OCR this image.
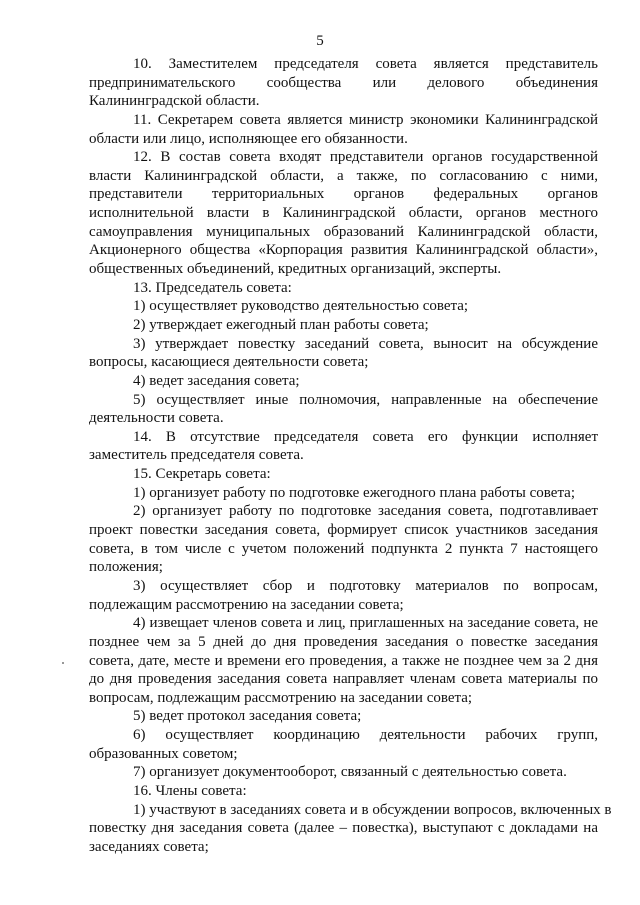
5
10. Заместителем председателя совета является представитель
предпринимательского сообщества или делового объединения
Калининградской области.
11. Секретарем совета является министр экономики Калининградской
области или лицо, исполняющее его обязанности.
12. В состав совета входят представители органов государственной
власти Калининградской области, а также, по согласованию с ними,
представители территориальных органов федеральных органов
исполнительной власти в Калининградской области, органов местного
самоуправления муниципальных образований Калининградской области,
Акционерного общества «Корпорация развития Калининградской области»,
общественных объединений, кредитных организаций, эксперты.
13. Председатель совета:
1) осуществляет руководство деятельностью совета;
2) утверждает ежегодный план работы совета;
3) утверждает повестку заседаний совета, выносит на обсуждение
вопросы, касающиеся деятельности совета;
4) ведет заседания совета;
5) осуществляет иные полномочия, направленные на обеспечение
деятельности совета.
14. В отсутствие председателя совета его функции исполняет
заместитель председателя совета.
15. Секретарь совета:
1) организует работу по подготовке ежегодного плана работы совета;
2) организует работу по подготовке заседания совета, подготавливает
проект повестки заседания совета, формирует список участников заседания
совета, в том числе с учетом положений подпункта 2 пункта 7 настоящего
положения;
3) осуществляет сбор и подготовку материалов по вопросам,
подлежащим рассмотрению на заседании совета;
4) извещает членов совета и лиц, приглашенных на заседание совета, не
позднее чем за 5 дней до дня проведения заседания о повестке заседания
совета, дате, месте и времени его проведения, а также не позднее чем за 2 дня
до дня проведения заседания совета направляет членам совета материалы по
вопросам, подлежащим рассмотрению на заседании совета;
5) ведет протокол заседания совета;
6) осуществляет координацию деятельности рабочих групп,
образованных советом;
7) организует документооборот, связанный с деятельностью совета.
16. Члены совета:
1) участвуют в заседаниях совета и в обсуждении вопросов, включенных в
повестку дня заседания совета (далее – повестка), выступают с докладами на
заседаниях совета;
